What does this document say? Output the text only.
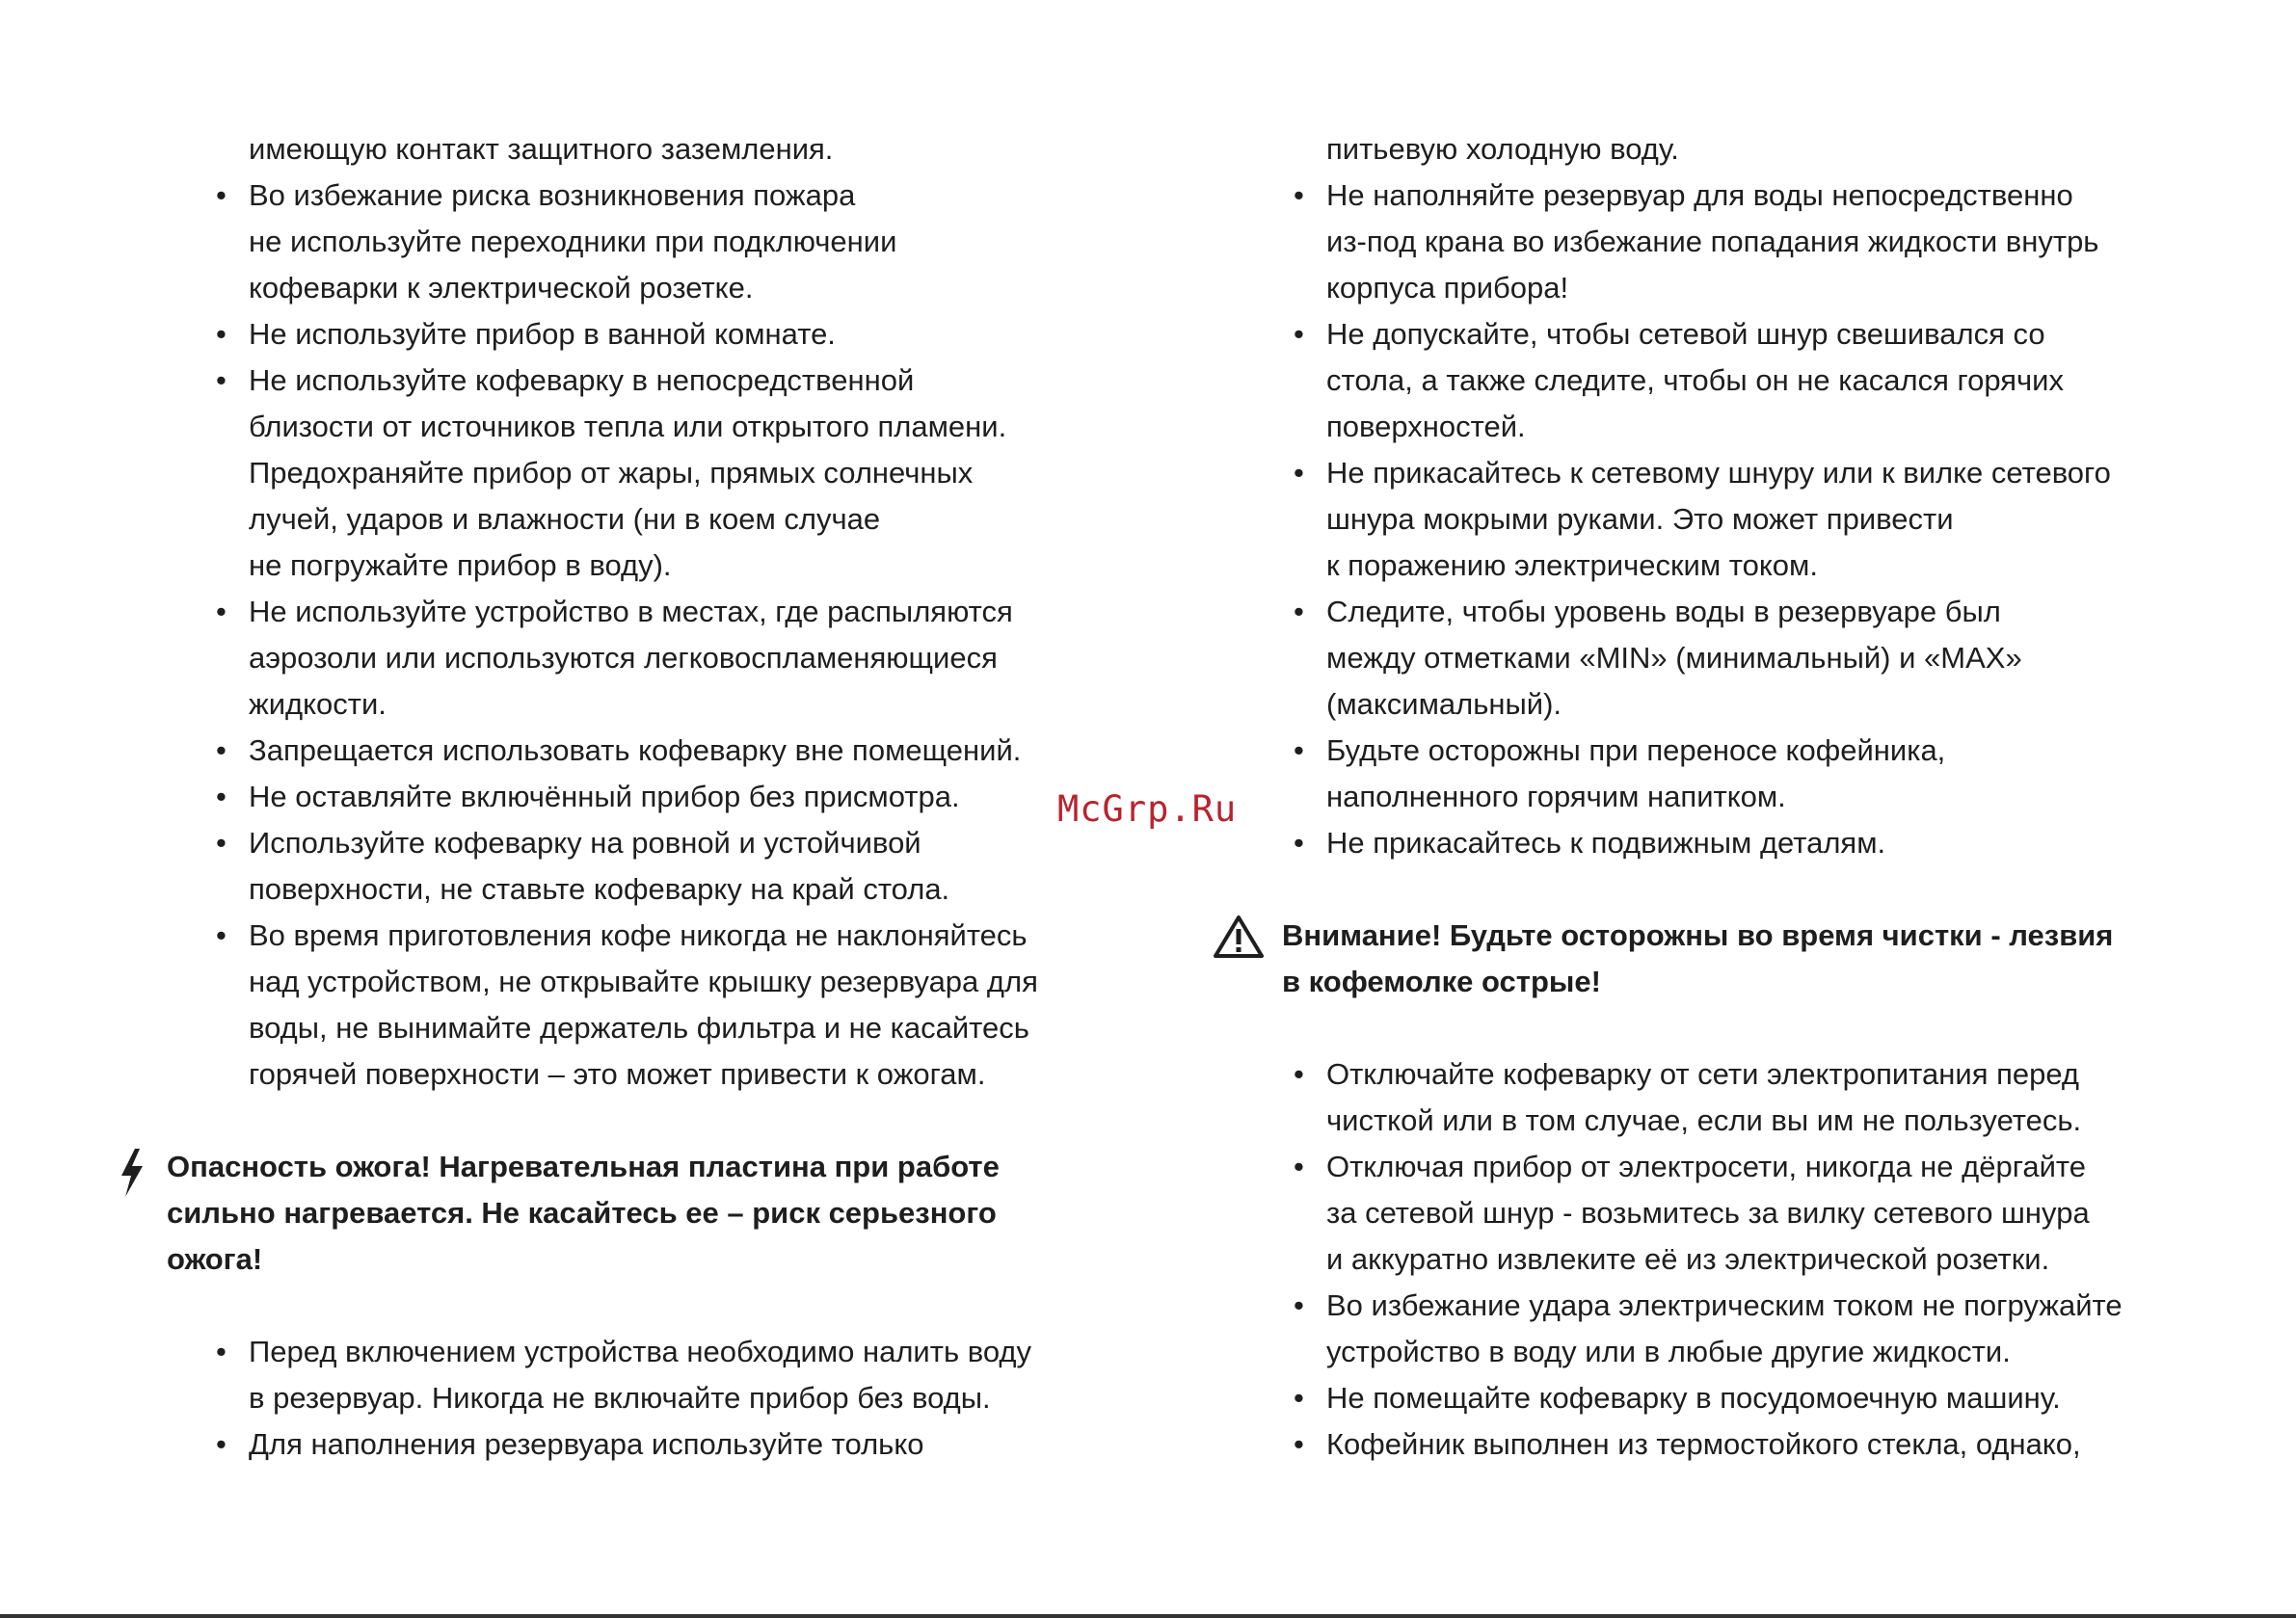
имеющую контакт защитного заземления.
• Во избежание риска возникновения пожара
не используйте переходники при подключении
кофеварки к электрической розетке.
• Не используйте прибор в ванной комнате.
• Не используйте кофеварку в непосредственной
близости от источников тепла или открытого пламени.
Предохраняйте прибор от жары, прямых солнечных
лучей, ударов и влажности (ни в коем случае
не погружайте прибор в воду).
• Не используйте устройство в местах, где распыляются
аэрозоли или используются легковоспламеняющиеся
жидкости.
• Запрещается использовать кофеварку вне помещений.
• Не оставляйте включённый прибор без присмотра.
• Используйте кофеварку на ровной и устойчивой
поверхности, не ставьте кофеварку на край стола.
• Во время приготовления кофе никогда не наклоняйтесь
над устройством, не открывайте крышку резервуара для
воды, не вынимайте держатель фильтра и не касайтесь
горячей поверхности – это может привести к ожогам.
Опасность ожога! Нагревательная пластина при работе
сильно нагревается. Не касайтесь ее – риск серьезного
ожога!
• Перед включением устройства необходимо налить воду
в резервуар. Никогда не включайте прибор без воды.
• Для наполнения резервуара используйте только
питьевую холодную воду.
• Не наполняйте резервуар для воды непосредственно
из-под крана во избежание попадания жидкости внутрь
корпуса прибора!
• Не допускайте, чтобы сетевой шнур свешивался со
стола, а также следите, чтобы он не касался горячих
поверхностей.
• Не прикасайтесь к сетевому шнуру или к вилке сетевого
шнура мокрыми руками. Это может привести
к поражению электрическим током.
• Следите, чтобы уровень воды в резервуаре был
между отметками «MIN» (минимальный) и «MAX»
(максимальный).
• Будьте осторожны при переносе кофейника,
наполненного горячим напитком.
• Не прикасайтесь к подвижным деталям.
Внимание! Будьте осторожны во время чистки - лезвия
в кофемолке острые!
• Отключайте кофеварку от сети электропитания перед
чисткой или в том случае, если вы им не пользуетесь.
• Отключая прибор от электросети, никогда не дёргайте
за сетевой шнур - возьмитесь за вилку сетевого шнура
и аккуратно извлеките её из электрической розетки.
• Во избежание удара электрическим током не погружайте
устройство в воду или в любые другие жидкости.
• Не помещайте кофеварку в посудомоечную машину.
• Кофейник выполнен из термостойкого стекла, однако,
McGrp.Ru
